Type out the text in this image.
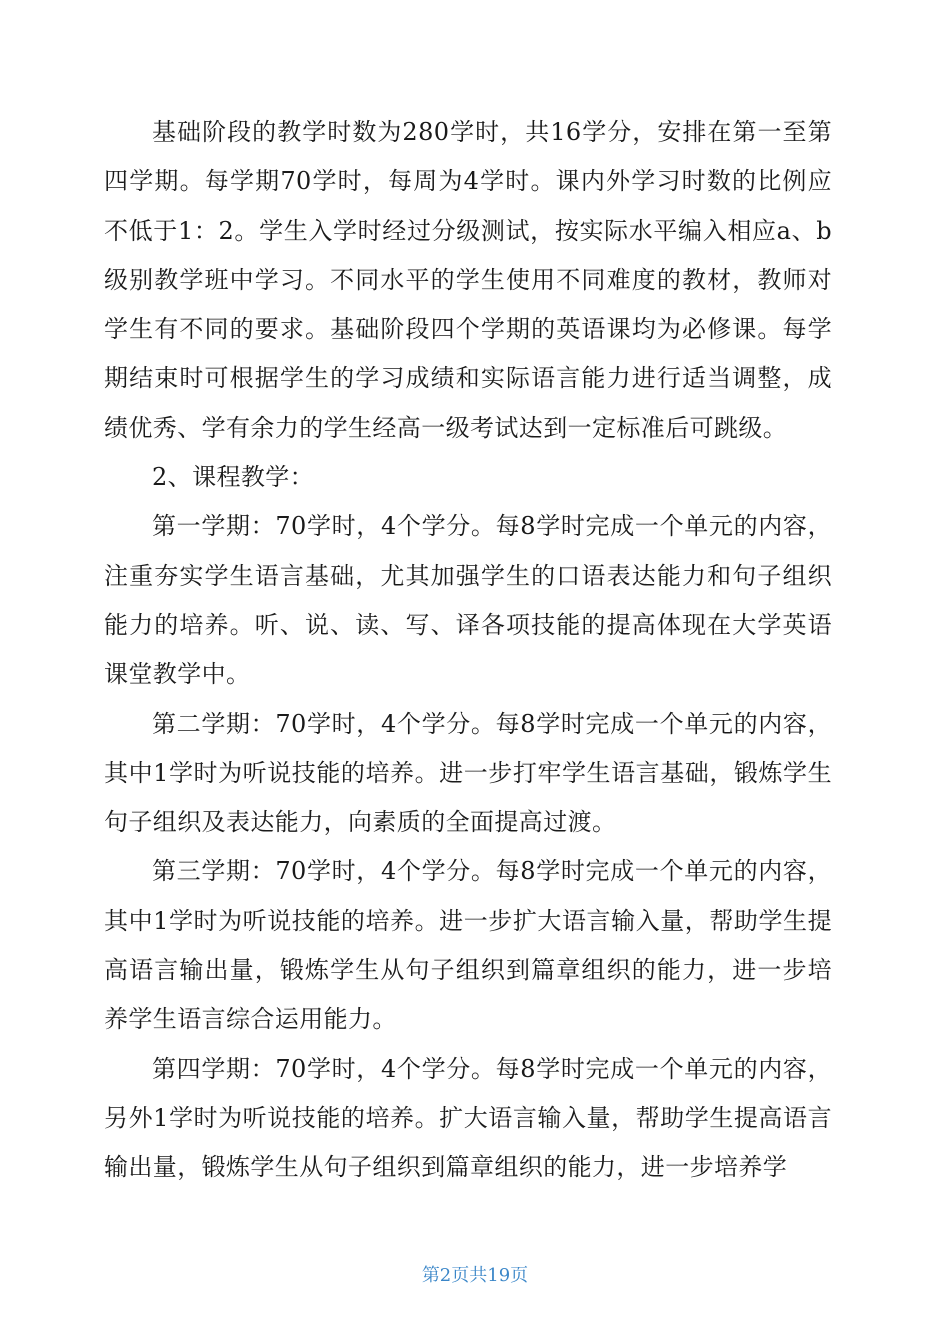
基础阶段的教学时数为280学时，共16学分，安排在第一至第四学期。每学期70学时，每周为4学时。课内外学习时数的比例应不低于1：2。学生入学时经过分级测试，按实际水平编入相应a、b级别教学班中学习。不同水平的学生使用不同难度的教材，教师对学生有不同的要求。基础阶段四个学期的英语课均为必修课。每学期结束时可根据学生的学习成绩和实际语言能力进行适当调整，成绩优秀、学有余力的学生经高一级考试达到一定标准后可跳级。

2、课程教学：

第一学期：70学时，4个学分。每8学时完成一个单元的内容，注重夯实学生语言基础，尤其加强学生的口语表达能力和句子组织能力的培养。听、说、读、写、译各项技能的提高体现在大学英语课堂教学中。

第二学期：70学时，4个学分。每8学时完成一个单元的内容，其中1学时为听说技能的培养。进一步打牢学生语言基础，锻炼学生句子组织及表达能力，向素质的全面提高过渡。

第三学期：70学时，4个学分。每8学时完成一个单元的内容，其中1学时为听说技能的培养。进一步扩大语言输入量，帮助学生提高语言输出量，锻炼学生从句子组织到篇章组织的能力，进一步培养学生语言综合运用能力。

第四学期：70学时，4个学分。每8学时完成一个单元的内容，另外1学时为听说技能的培养。扩大语言输入量，帮助学生提高语言输出量，锻炼学生从句子组织到篇章组织的能力，进一步培养学

第2页共19页
